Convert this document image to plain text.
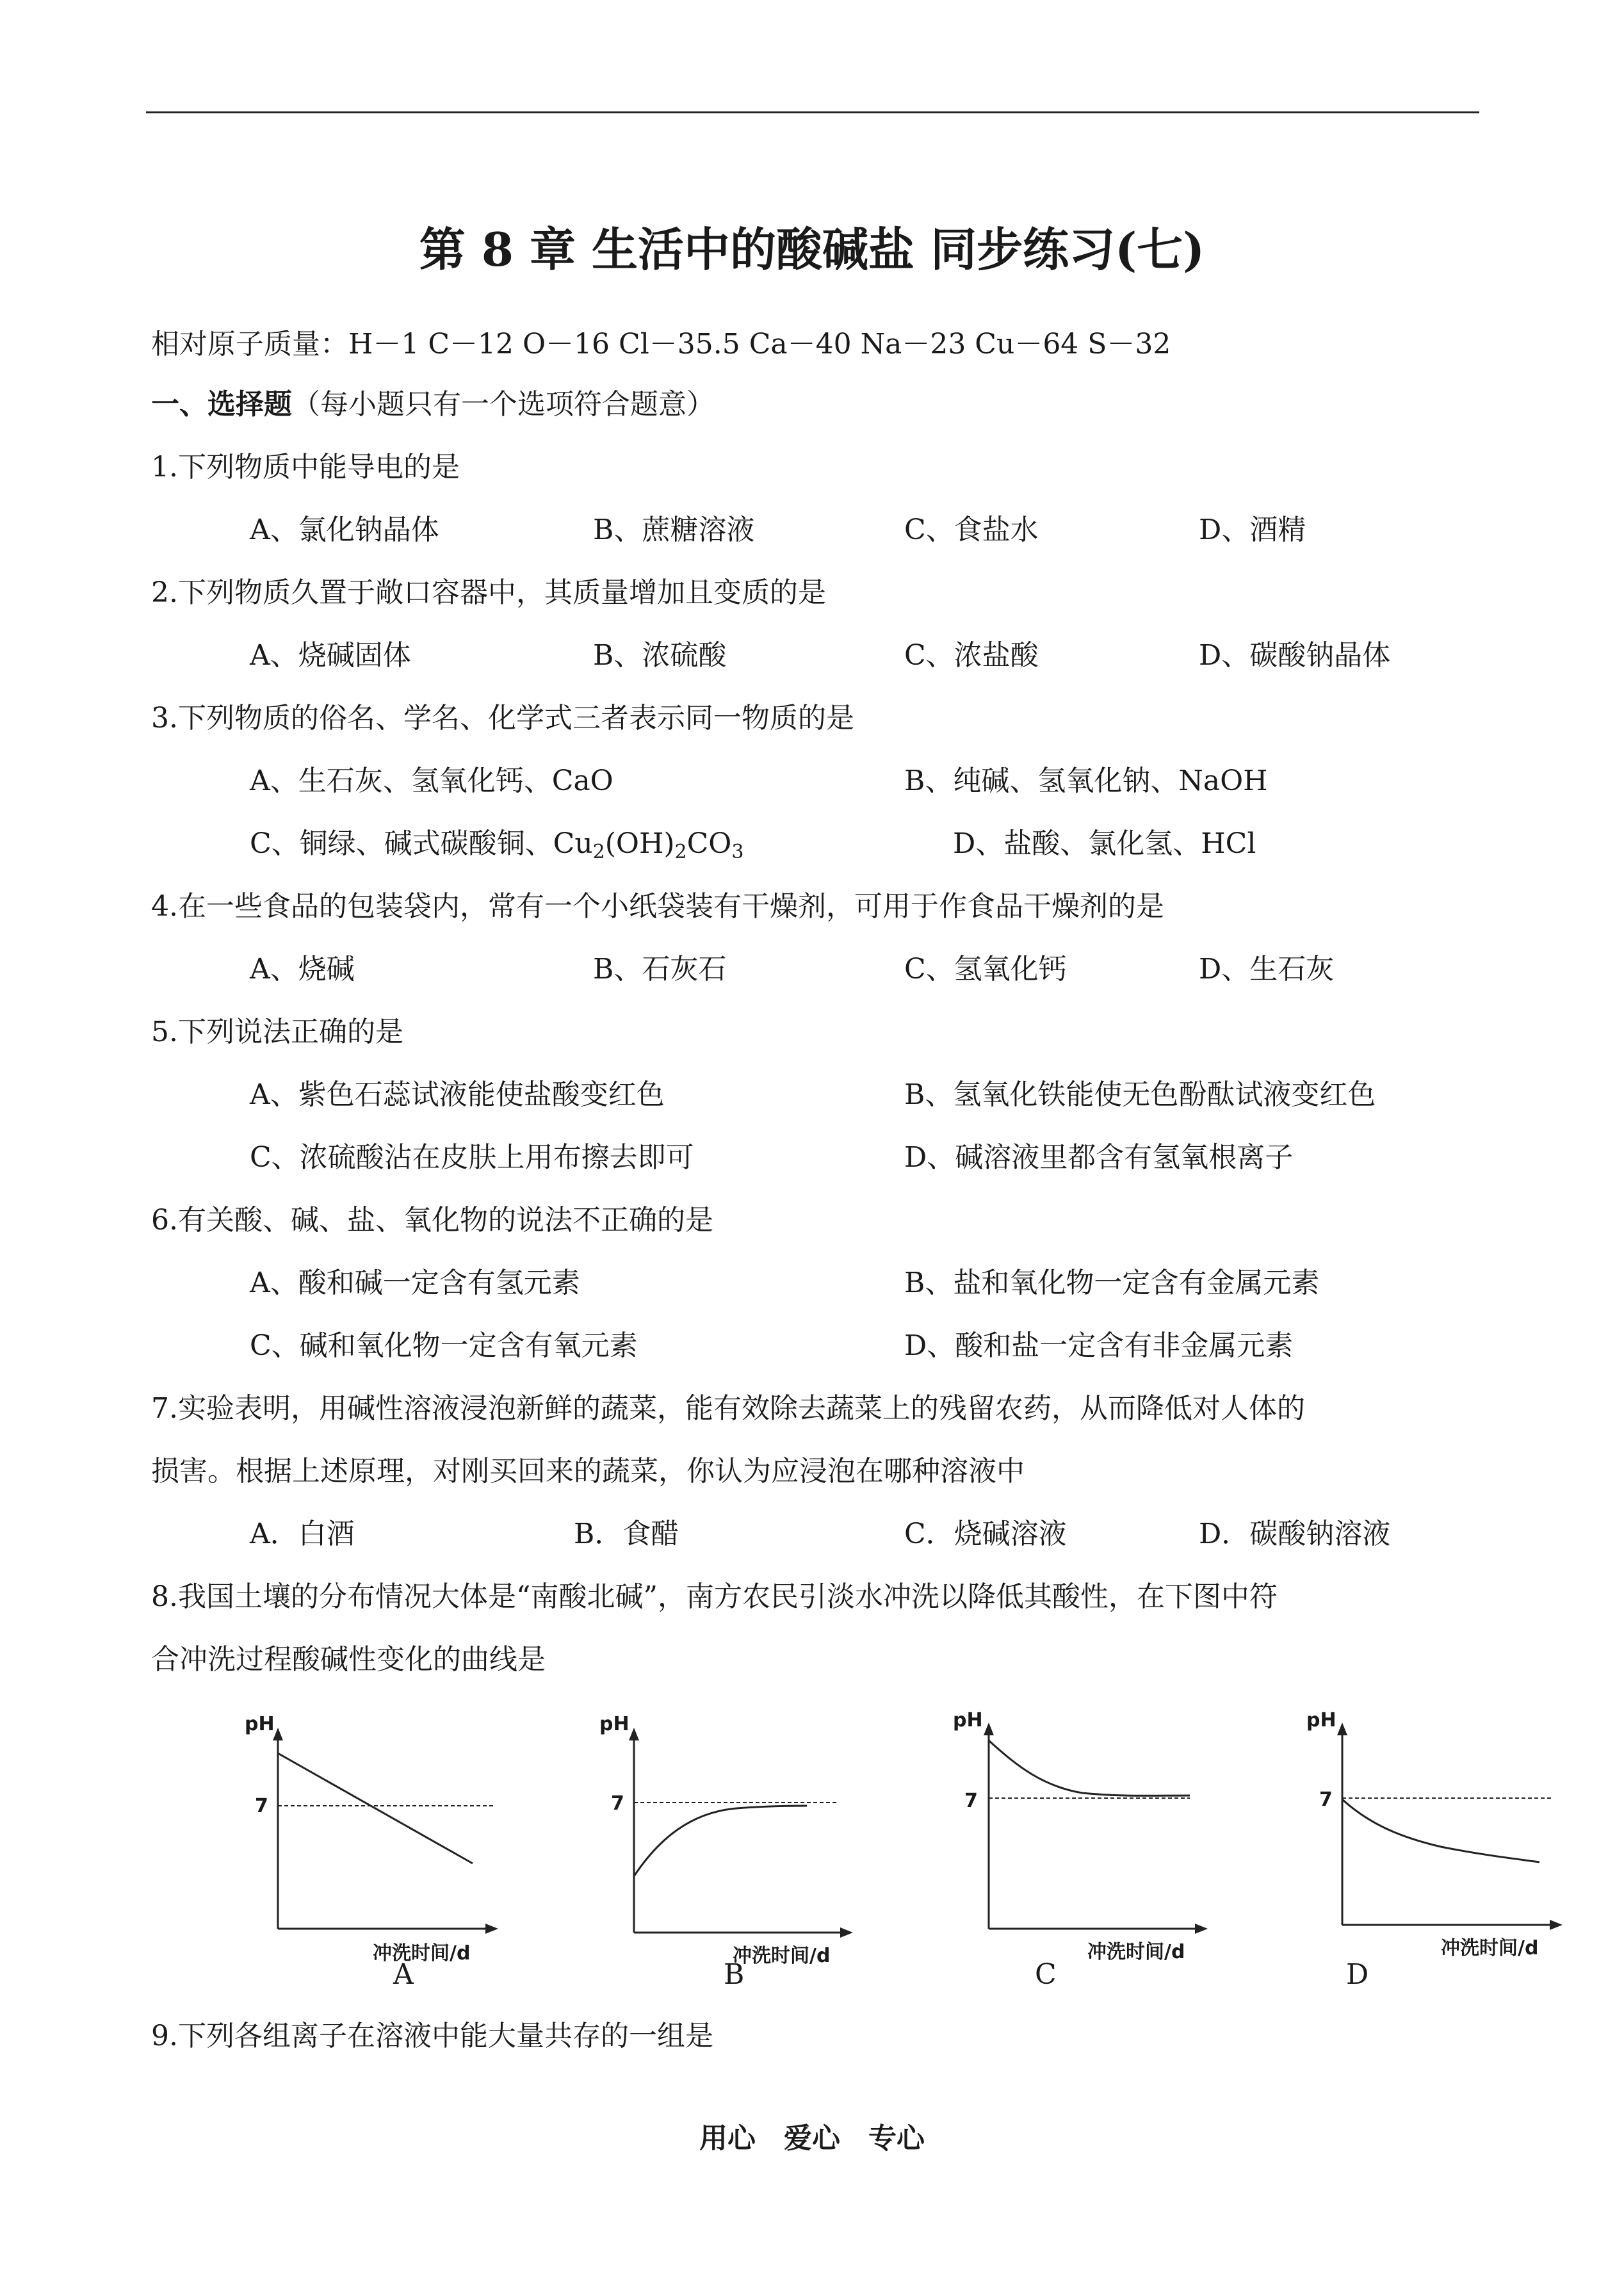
第 8 章 生活中的酸碱盐 同步练习(七)
相对原子质量：H－1 C－12 O－16 Cl－35.5 Ca－40 Na－23 Cu－64 S－32
一、选择题（每小题只有一个选项符合题意）
1.下列物质中能导电的是
A、氯化钠晶体	B、蔗糖溶液	C、食盐水	D、酒精
2.下列物质久置于敞口容器中，其质量增加且变质的是
A、烧碱固体	B、浓硫酸	C、浓盐酸	D、碳酸钠晶体
3.下列物质的俗名、学名、化学式三者表示同一物质的是
A、生石灰、氢氧化钙、CaO	B、纯碱、氢氧化钠、NaOH
C、铜绿、碱式碳酸铜、$Cu_2(OH)_2CO_3$	D、盐酸、氯化氢、HCl
4.在一些食品的包装袋内，常有一个小纸袋装有干燥剂，可用于作食品干燥剂的是
A、烧碱	B、石灰石	C、氢氧化钙	D、生石灰
5.下列说法正确的是
A、紫色石蕊试液能使盐酸变红色	B、氢氧化铁能使无色酚酞试液变红色
C、浓硫酸沾在皮肤上用布擦去即可	D、碱溶液里都含有氢氧根离子
6.有关酸、碱、盐、氧化物的说法不正确的是
A、酸和碱一定含有氢元素	B、盐和氧化物一定含有金属元素
C、碱和氧化物一定含有氧元素	D、酸和盐一定含有非金属元素
7.实验表明，用碱性溶液浸泡新鲜的蔬菜，能有效除去蔬菜上的残留农药，从而降低对人体的
损害。根据上述原理，对刚买回来的蔬菜，你认为应浸泡在哪种溶液中
A．白酒	B．食醋	C．烧碱溶液	D．碳酸钠溶液
8.我国土壤的分布情况大体是“南酸北碱”，南方农民引淡水冲洗以降低其酸性，在下图中符
合冲洗过程酸碱性变化的曲线是
pH
7
冲洗时间/d
A
pH
7
冲洗时间/d
B
pH
7
冲洗时间/d
C
pH
7
冲洗时间/d
D
9.下列各组离子在溶液中能大量共存的一组是
用心 爱心 专心
